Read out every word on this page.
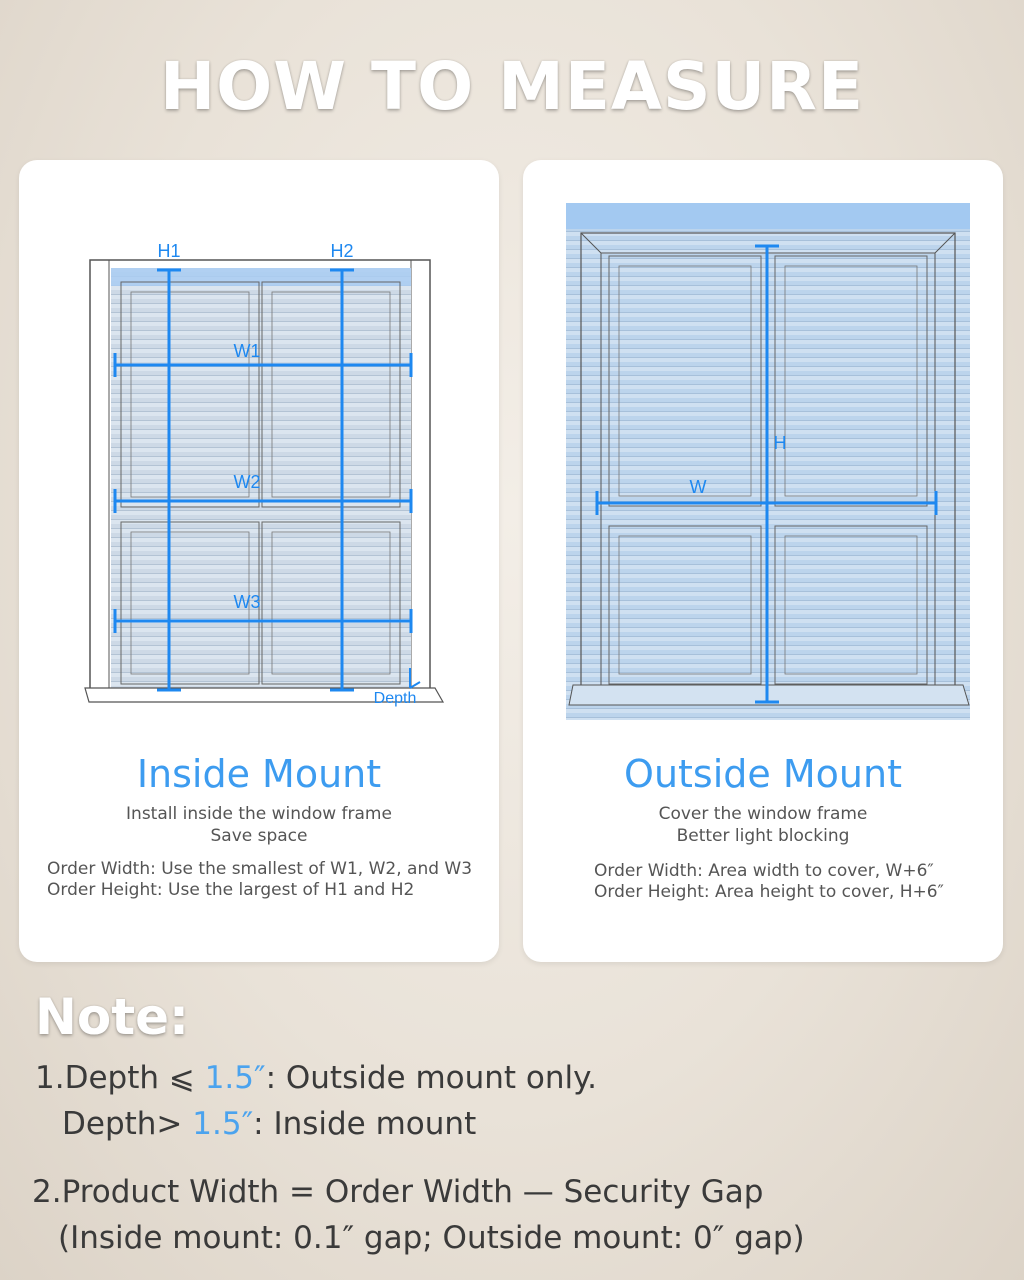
HOW TO MEASURE
H1	H2
W1
W2
W3
Depth
Inside Mount
Install inside the window frame
Save space
Order Width: Use the smallest of W1, W2, and W3
Order Height: Use the largest of H1 and H2
H
W
Outside Mount
Cover the window frame
Better light blocking
Order Width: Area width to cover, W+6″
Order Height: Area height to cover, H+6″
Note:
1.Depth ⩽ 1.5″: Outside mount only.
Depth> 1.5″: Inside mount
2.Product Width = Order Width — Security Gap
(Inside mount: 0.1″ gap; Outside mount: 0″ gap)
